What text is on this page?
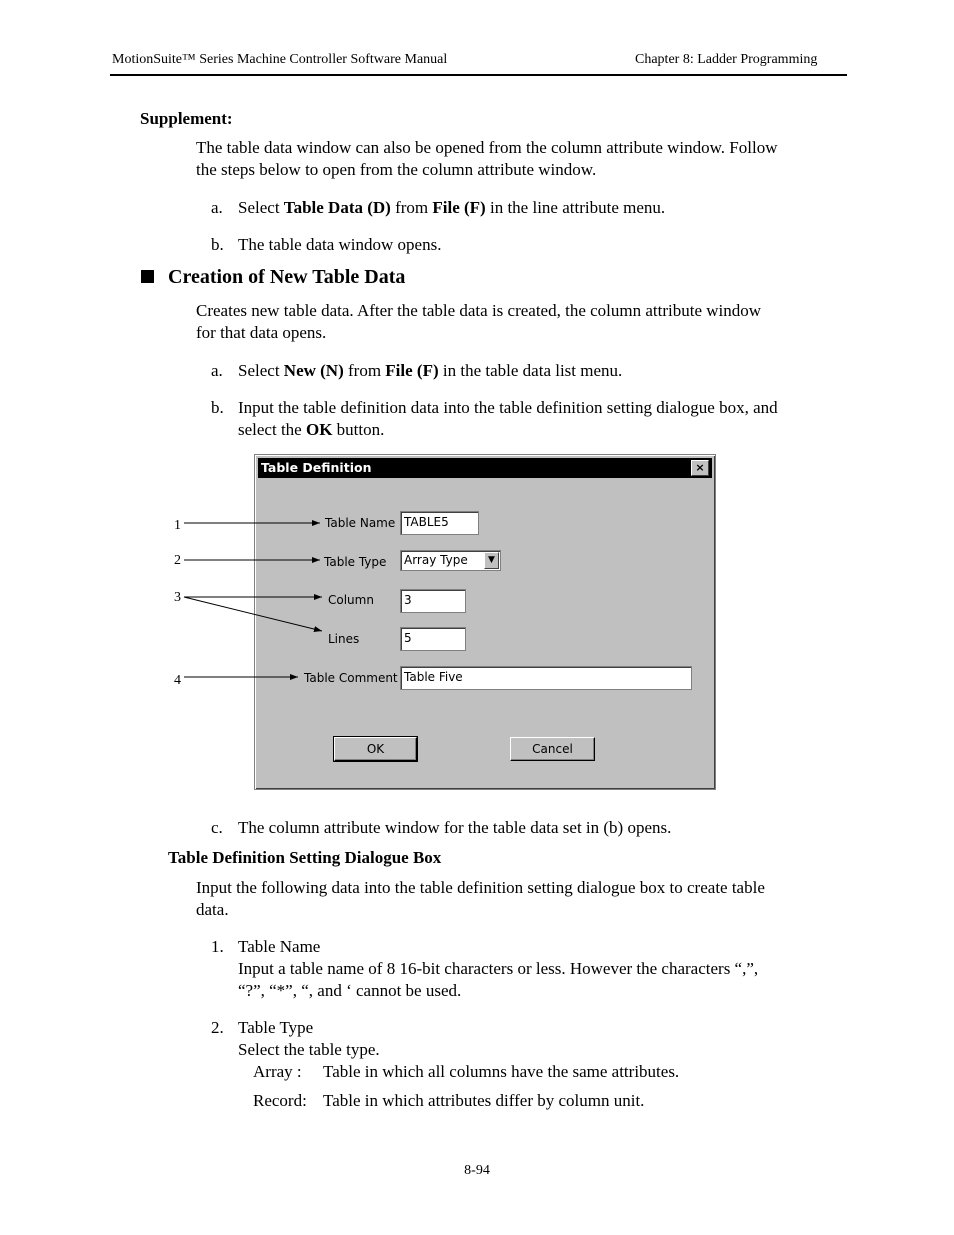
MotionSuite™ Series Machine Controller Software Manual	Chapter 8: Ladder Programming
Supplement:
The table data window can also be opened from the column attribute window. Follow
the steps below to open from the column attribute window.
a. Select Table Data (D) from File (F) in the line attribute menu.
b. The table data window opens.
Creation of New Table Data
Creates new table data. After the table data is created, the column attribute window
for that data opens.
a. Select New (N) from File (F) in the table data list menu.
b. Input the table definition data into the table definition setting dialogue box, and
select the OK button.
Table Definition	×
Table Name TABLE5
Table Type	Array Type	▼
Column	3
Lines	5
Table Comment Table Five
OK	Cancel
1
2
3
4
c. The column attribute window for the table data set in (b) opens.
Table Definition Setting Dialogue Box
Input the following data into the table definition setting dialogue box to create table
data.
1. Table Name
Input a table name of 8 16-bit characters or less. However the characters “,”,
“?”, “*”, “, and ‘ cannot be used.
2. Table Type
Select the table type.
Array : Table in which all columns have the same attributes.
Record: Table in which attributes differ by column unit.
8-94
